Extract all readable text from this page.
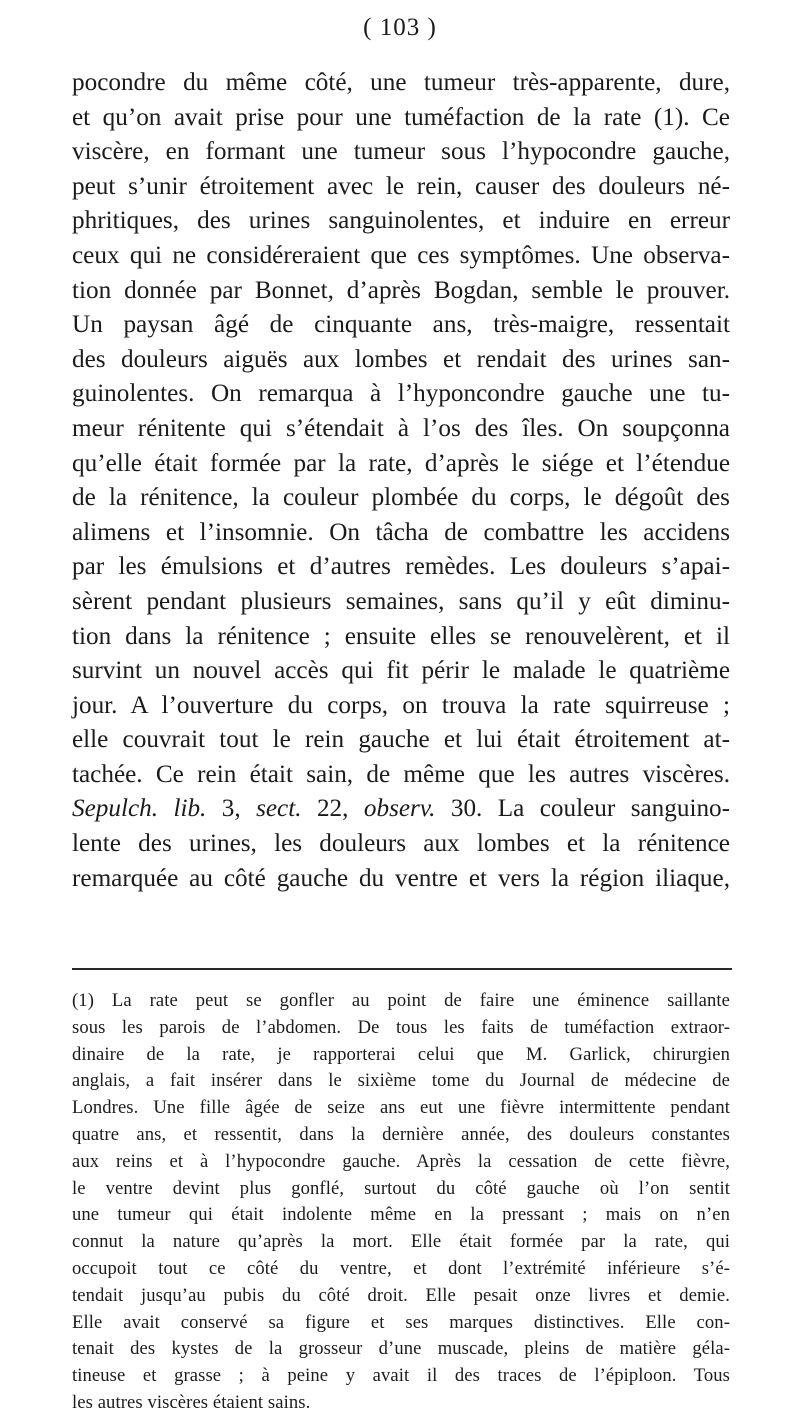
( 103 )
pocondre du même côté, une tumeur très-apparente, dure,
et qu’on avait prise pour une tuméfaction de la rate (1). Ce
viscère, en formant une tumeur sous l’hypocondre gauche,
peut s’unir étroitement avec le rein, causer des douleurs né-
phritiques, des urines sanguinolentes, et induire en erreur
ceux qui ne considéreraient que ces symptômes. Une observa-
tion donnée par Bonnet, d’après Bogdan, semble le prouver.
Un paysan âgé de cinquante ans, très-maigre, ressentait
des douleurs aiguës aux lombes et rendait des urines san-
guinolentes. On remarqua à l’hyponcondre gauche une tu-
meur rénitente qui s’étendait à l’os des îles. On soupçonna
qu’elle était formée par la rate, d’après le siége et l’étendue
de la rénitence, la couleur plombée du corps, le dégoût des
alimens et l’insomnie. On tâcha de combattre les accidens
par les émulsions et d’autres remèdes. Les douleurs s’apai-
sèrent pendant plusieurs semaines, sans qu’il y eût diminu-
tion dans la rénitence ; ensuite elles se renouvelèrent, et il
survint un nouvel accès qui fit périr le malade le quatrième
jour. A l’ouverture du corps, on trouva la rate squirreuse ;
elle couvrait tout le rein gauche et lui était étroitement at-
tachée. Ce rein était sain, de même que les autres viscères.
Sepulch. lib. 3, sect. 22, observ. 30. La couleur sanguino-
lente des urines, les douleurs aux lombes et la rénitence
remarquée au côté gauche du ventre et vers la région iliaque,
(1) La rate peut se gonfler au point de faire une éminence saillante
sous les parois de l’abdomen. De tous les faits de tuméfaction extraor-
dinaire de la rate, je rapporterai celui que M. Garlick, chirurgien
anglais, a fait insérer dans le sixième tome du Journal de médecine de
Londres. Une fille âgée de seize ans eut une fièvre intermittente pendant
quatre ans, et ressentit, dans la dernière année, des douleurs constantes
aux reins et à l’hypocondre gauche. Après la cessation de cette fièvre,
le ventre devint plus gonflé, surtout du côté gauche où l’on sentit
une tumeur qui était indolente même en la pressant ; mais on n’en
connut la nature qu’après la mort. Elle était formée par la rate, qui
occupoit tout ce côté du ventre, et dont l’extrémité inférieure s’é-
tendait jusqu’au pubis du côté droit. Elle pesait onze livres et demie.
Elle avait conservé sa figure et ses marques distinctives. Elle con-
tenait des kystes de la grosseur d’une muscade, pleins de matière géla-
tineuse et grasse ; à peine y avait il des traces de l’épiploon. Tous
les autres viscères étaient sains.
